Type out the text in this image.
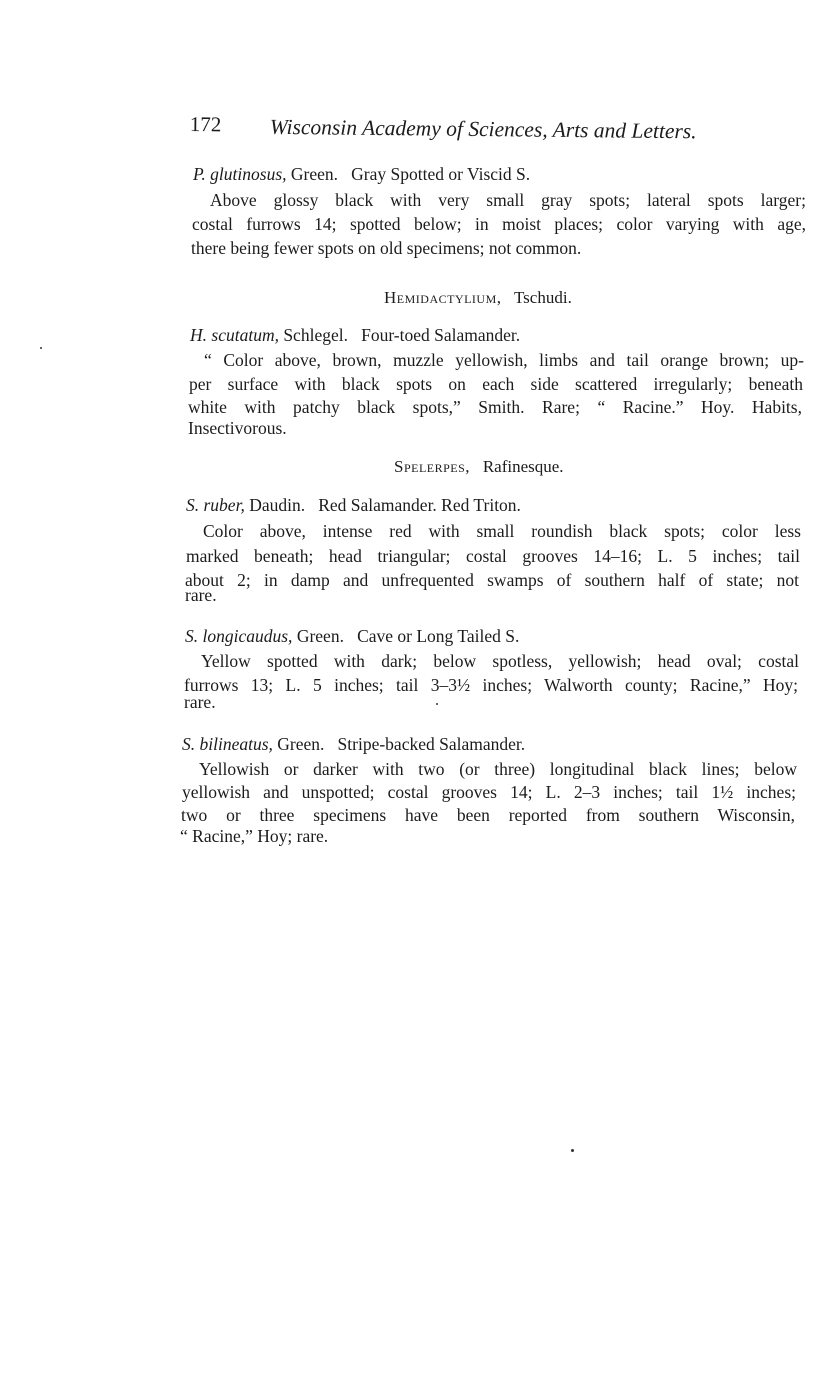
172 Wisconsin Academy of Sciences, Arts and Letters.
P. glutinosus, Green. Gray Spotted or Viscid S.
Above glossy black with very small gray spots; lateral spots larger;
costal furrows 14; spotted below; in moist places; color varying with age,
there being fewer spots on old specimens; not common.
Hemidactylium, Tschudi.
H. scutatum, Schlegel. Four-toed Salamander.
“ Color above, brown, muzzle yellowish, limbs and tail orange brown; up-
per surface with black spots on each side scattered irregularly; beneath
white with patchy black spots,” Smith. Rare; “ Racine.” Hoy. Habits,
Insectivorous.
Spelerpes, Rafinesque.
S. ruber, Daudin. Red Salamander. Red Triton.
Color above, intense red with small roundish black spots; color less
marked beneath; head triangular; costal grooves 14–16; L. 5 inches; tail
about 2; in damp and unfrequented swamps of southern half of state; not
rare.
S. longicaudus, Green. Cave or Long Tailed S.
Yellow spotted with dark; below spotless, yellowish; head oval; costal
furrows 13; L. 5 inches; tail 3–3½ inches; Walworth county; Racine,” Hoy;
rare.
S. bilineatus, Green. Stripe-backed Salamander.
Yellowish or darker with two (or three) longitudinal black lines; below
yellowish and unspotted; costal grooves 14; L. 2–3 inches; tail 1½ inches;
two or three specimens have been reported from southern Wisconsin,
“ Racine,” Hoy; rare.
